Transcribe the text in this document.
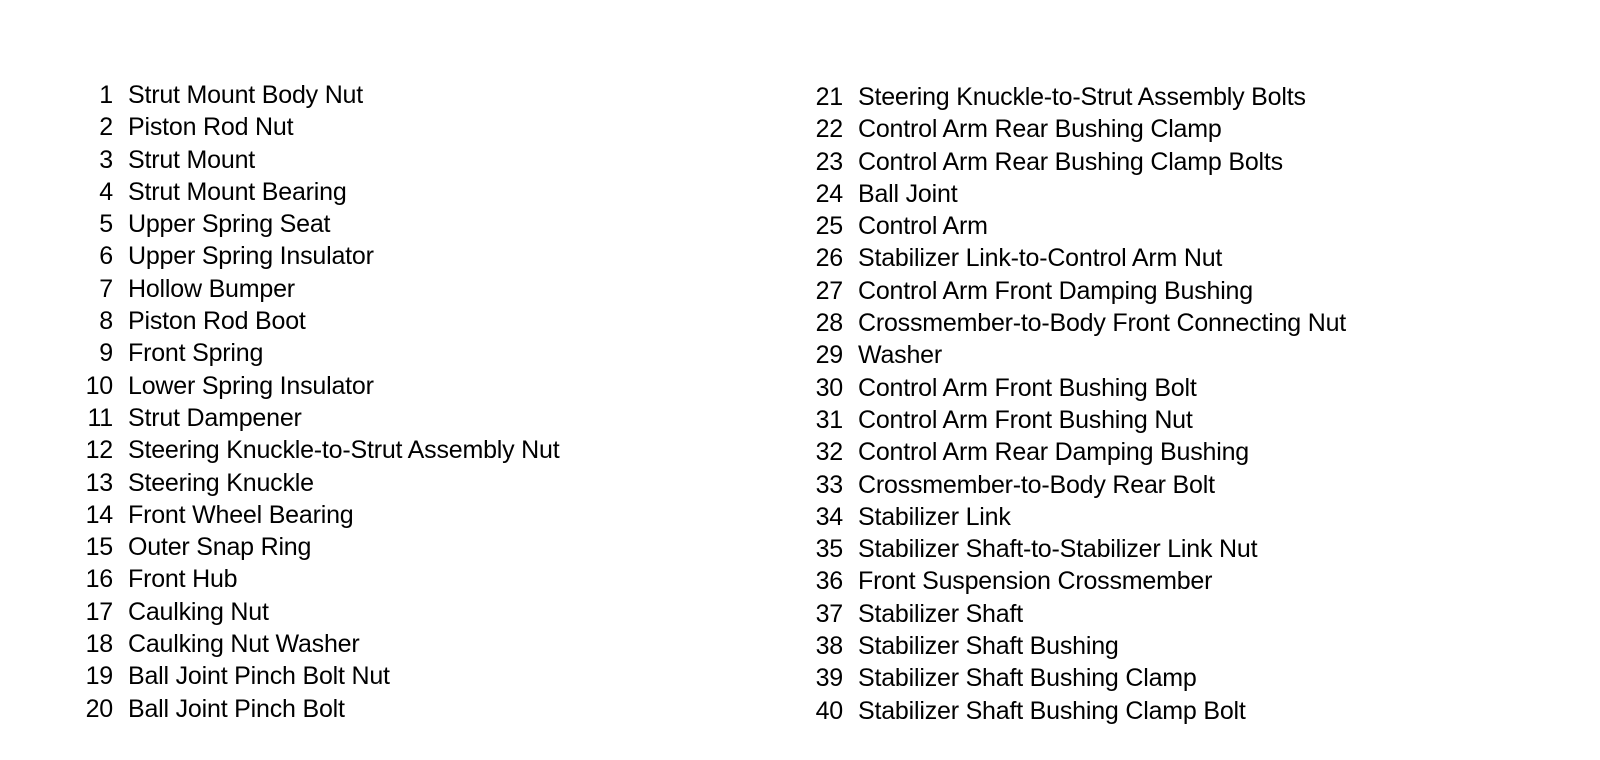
1 Strut Mount Body Nut
2 Piston Rod Nut
3 Strut Mount
4 Strut Mount Bearing
5 Upper Spring Seat
6 Upper Spring Insulator
7 Hollow Bumper
8 Piston Rod Boot
9 Front Spring
10 Lower Spring Insulator
11 Strut Dampener
12 Steering Knuckle-to-Strut Assembly Nut
13 Steering Knuckle
14 Front Wheel Bearing
15 Outer Snap Ring
16 Front Hub
17 Caulking Nut
18 Caulking Nut Washer
19 Ball Joint Pinch Bolt Nut
20 Ball Joint Pinch Bolt
21 Steering Knuckle-to-Strut Assembly Bolts
22 Control Arm Rear Bushing Clamp
23 Control Arm Rear Bushing Clamp Bolts
24 Ball Joint
25 Control Arm
26 Stabilizer Link-to-Control Arm Nut
27 Control Arm Front Damping Bushing
28 Crossmember-to-Body Front Connecting Nut
29 Washer
30 Control Arm Front Bushing Bolt
31 Control Arm Front Bushing Nut
32 Control Arm Rear Damping Bushing
33 Crossmember-to-Body Rear Bolt
34 Stabilizer Link
35 Stabilizer Shaft-to-Stabilizer Link Nut
36 Front Suspension Crossmember
37 Stabilizer Shaft
38 Stabilizer Shaft Bushing
39 Stabilizer Shaft Bushing Clamp
40 Stabilizer Shaft Bushing Clamp Bolt
